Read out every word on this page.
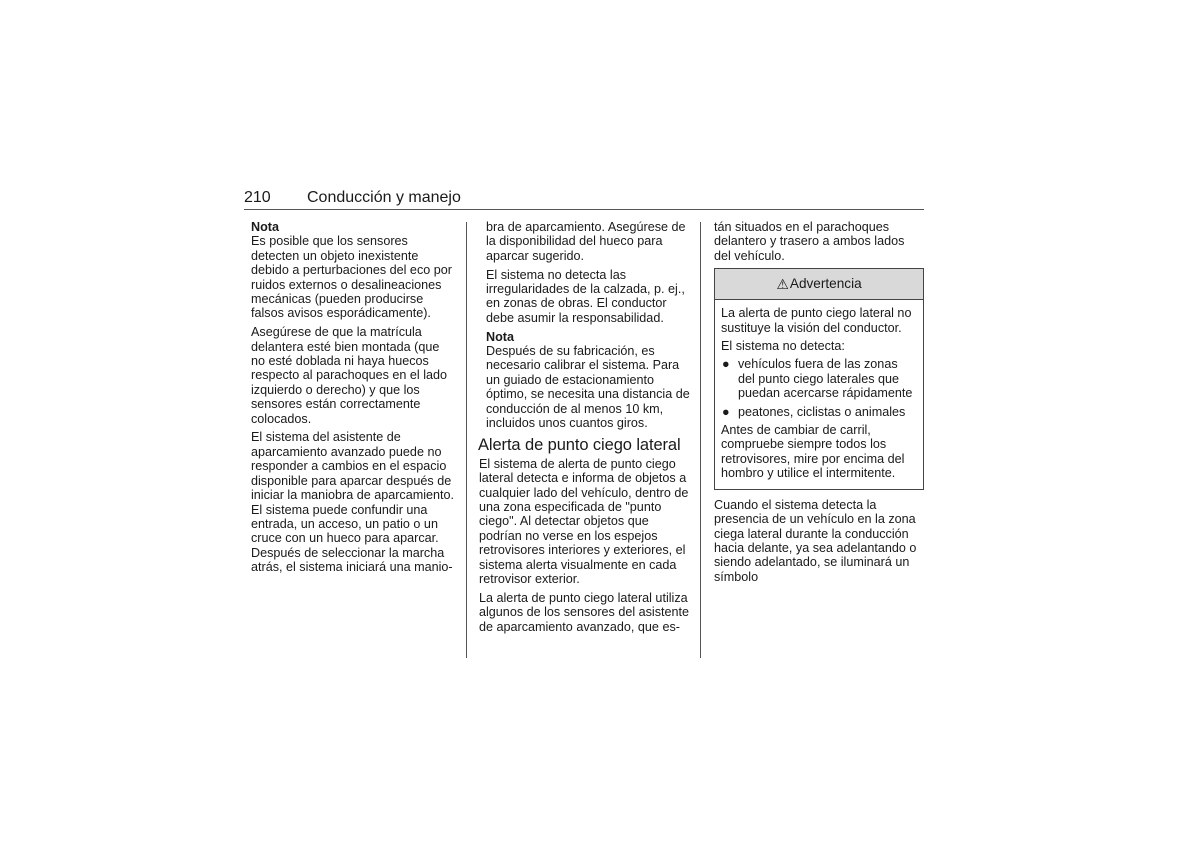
210 Conducción y manejo

Nota

Es posible que los sensores detecten un objeto inexistente debido a perturbaciones del eco por ruidos externos o desalineaciones mecánicas (pueden producirse falsos avisos esporádicamente).

Asegúrese de que la matrícula delantera esté bien montada (que no esté doblada ni haya huecos respecto al parachoques en el lado izquierdo o derecho) y que los sensores están correctamente colocados.

El sistema del asistente de aparcamiento avanzado puede no responder a cambios en el espacio disponible para aparcar después de iniciar la maniobra de aparcamiento. El sistema puede confundir una entrada, un acceso, un patio o un cruce con un hueco para aparcar. Después de seleccionar la marcha atrás, el sistema iniciará una manio-

bra de aparcamiento. Asegúrese de la disponibilidad del hueco para aparcar sugerido.

El sistema no detecta las irregularidades de la calzada, p. ej., en zonas de obras. El conductor debe asumir la responsabilidad.

Nota

Después de su fabricación, es necesario calibrar el sistema. Para un guiado de estacionamiento óptimo, se necesita una distancia de conducción de al menos 10 km, incluidos unos cuantos giros.

Alerta de punto ciego lateral

El sistema de alerta de punto ciego lateral detecta e informa de objetos a cualquier lado del vehículo, dentro de una zona especificada de "punto ciego". Al detectar objetos que podrían no verse en los espejos retrovisores interiores y exteriores, el sistema alerta visualmente en cada retrovisor exterior.

La alerta de punto ciego lateral utiliza algunos de los sensores del asistente de aparcamiento avanzado, que es-

tán situados en el parachoques delantero y trasero a ambos lados del vehículo.

⚠ Advertencia

La alerta de punto ciego lateral no sustituye la visión del conductor.

El sistema no detecta:

● vehículos fuera de las zonas del punto ciego laterales que puedan acercarse rápidamente
● peatones, ciclistas o animales

Antes de cambiar de carril, compruebe siempre todos los retrovisores, mire por encima del hombro y utilice el intermitente.

Cuando el sistema detecta la presencia de un vehículo en la zona ciega lateral durante la conducción hacia delante, ya sea adelantando o siendo adelantado, se iluminará un símbolo
